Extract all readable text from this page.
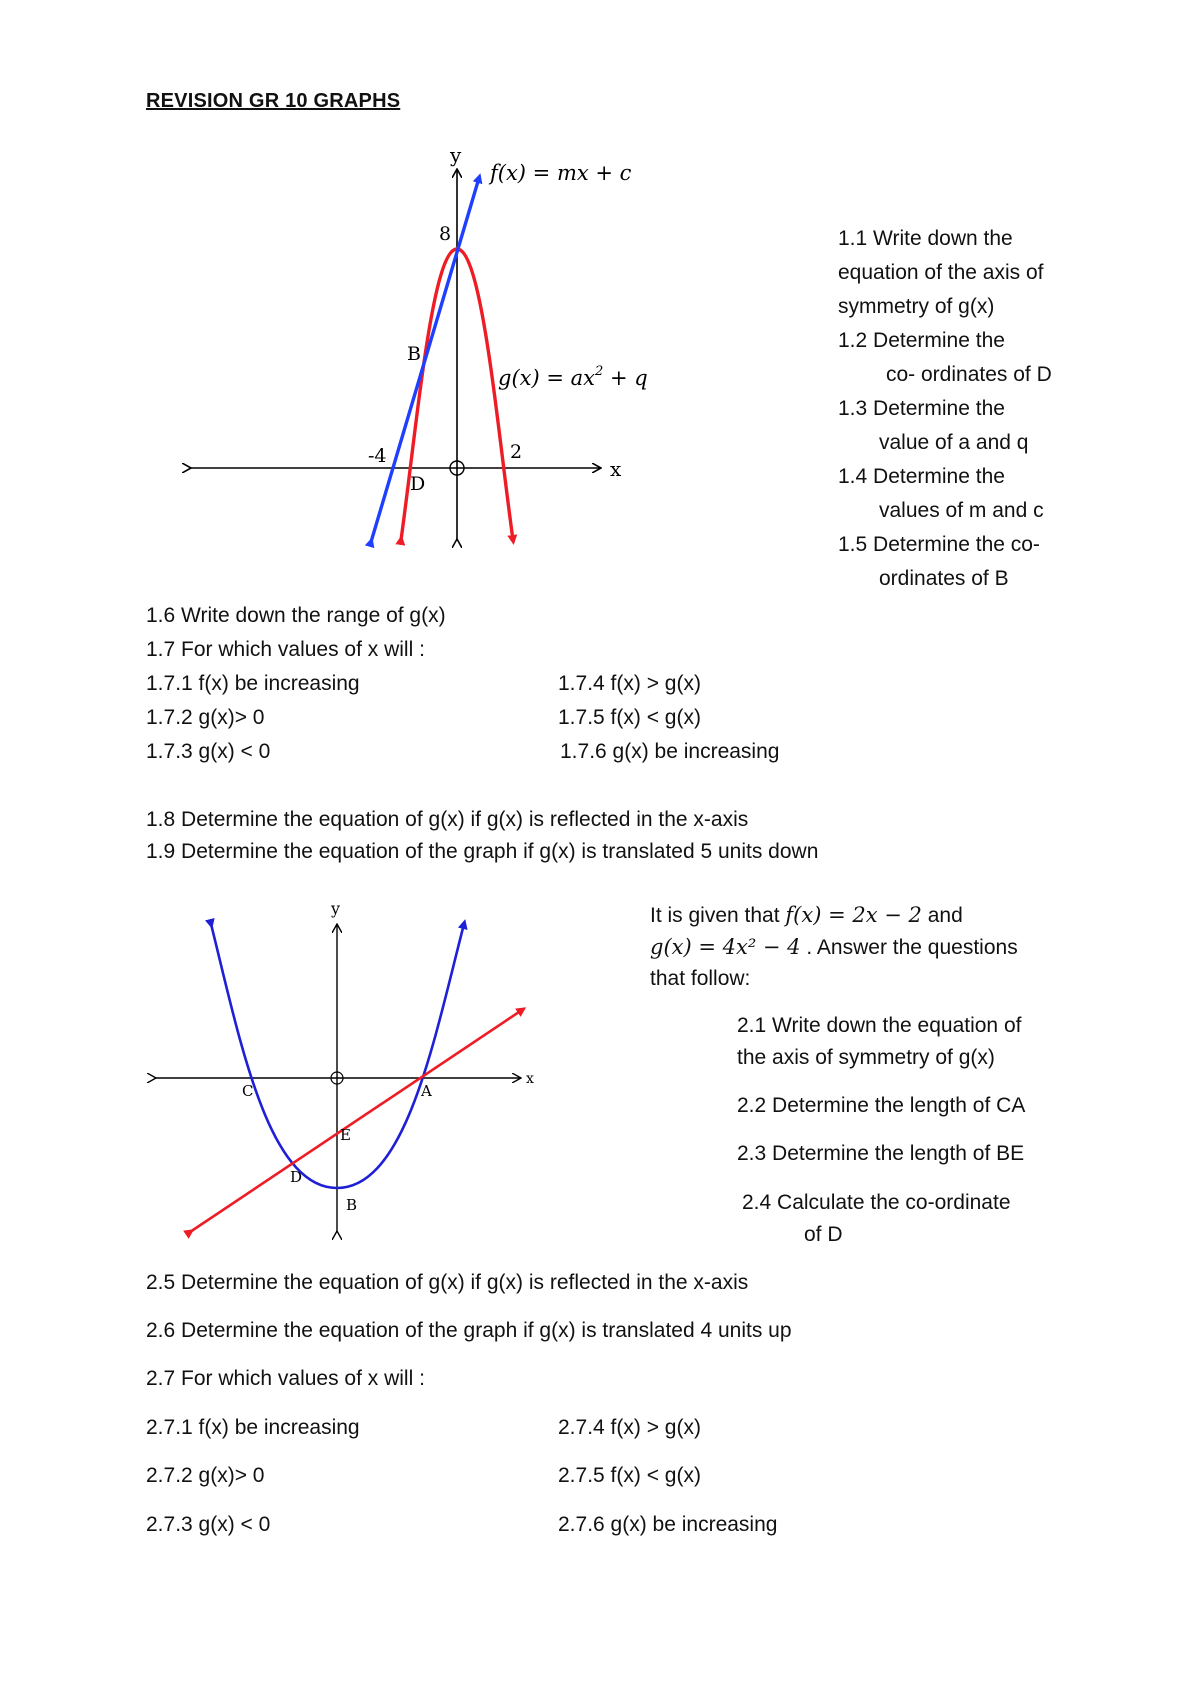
REVISION GR 10 GRAPHS
y
x
f(x) = mx + c
$g(x) = ax^2 + q$
8
B
-4	2
D
1.1 Write down the
equation of the axis of
symmetry of g(x)
1.2 Determine the
co- ordinates of D
1.3 Determine the
value of a and q
1.4 Determine the
values of m and c
1.5 Determine the co-
ordinates of B
1.6 Write down the range of g(x)
1.7 For which values of x will :
1.7.1 f(x) be increasing
1.7.2 g(x)> 0
1.7.3 g(x) < 0
1.7.4 f(x) > g(x)
1.7.5 f(x) < g(x)
1.7.6 g(x) be increasing
1.8 Determine the equation of g(x) if g(x) is reflected in the x-axis
1.9 Determine the equation of the graph if g(x) is translated 5 units down
y
x
C	A
E
D
B
It is given that f(x) = 2x − 2 and
g(x) = 4x² − 4 . Answer the questions
that follow:
2.1 Write down the equation of
the axis of symmetry of g(x)
2.2 Determine the length of CA
2.3 Determine the length of BE
2.4 Calculate the co-ordinate
of D
2.5 Determine the equation of g(x) if g(x) is reflected in the x-axis
2.6 Determine the equation of the graph if g(x) is translated 4 units up
2.7 For which values of x will :
2.7.1 f(x) be increasing
2.7.2 g(x)> 0
2.7.3 g(x) < 0
2.7.4 f(x) > g(x)
2.7.5 f(x) < g(x)
2.7.6 g(x) be increasing
